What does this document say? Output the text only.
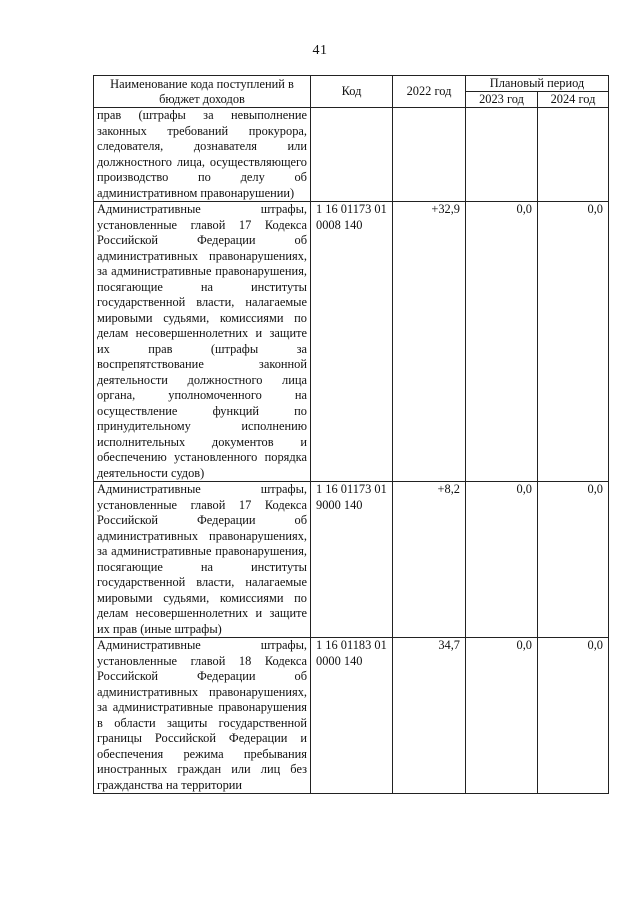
41
Наименование кода поступлений в бюджет доходов	Код	2022 год	Плановый период	
			2023 год	2024 год
прав (штрафы за невыполнение законных требований прокурора, следователя, дознавателя или должностного лица, осуществляющего производство по делу об административном правонарушении)				
Административные штрафы, установленные главой 17 Кодекса Российской Федерации об административных правонарушениях, за административные правонарушения, посягающие на институты государственной власти, налагаемые мировыми судьями, комиссиями по делам несовершеннолетних и защите их прав (штрафы за воспрепятствование законной деятельности должностного лица органа, уполномоченного на осуществление функций по принудительному исполнению исполнительных документов и обеспечению установленного порядка деятельности судов)	1 16 01173 01 0008 140	+32,9	0,0	0,0
Административные штрафы, установленные главой 17 Кодекса Российской Федерации об административных правонарушениях, за административные правонарушения, посягающие на институты государственной власти, налагаемые мировыми судьями, комиссиями по делам несовершеннолетних и защите их прав (иные штрафы)	1 16 01173 01 9000 140	+8,2	0,0	0,0
Административные штрафы, установленные главой 18 Кодекса Российской Федерации об административных правонарушениях, за административные правонарушения в области защиты государственной границы Российской Федерации и обеспечения режима пребывания иностранных граждан или лиц без гражданства на территории	1 16 01183 01 0000 140	34,7	0,0	0,0
